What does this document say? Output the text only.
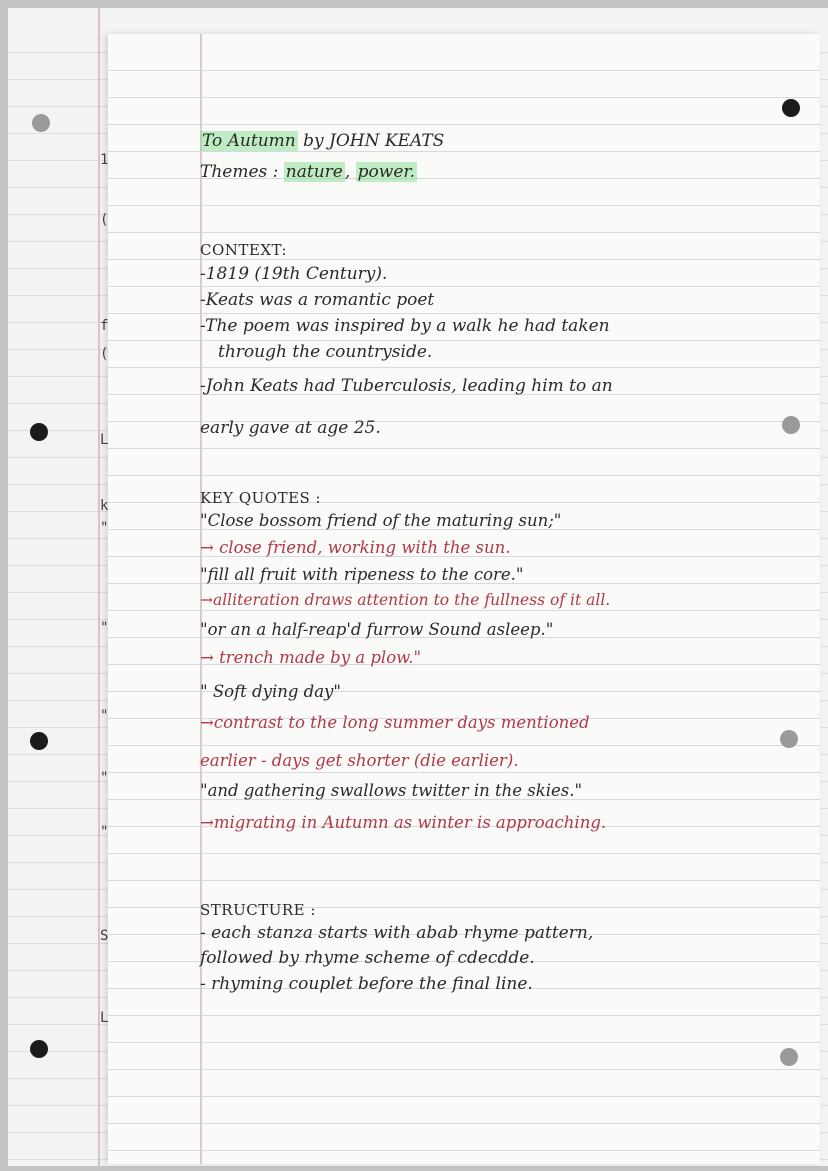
1
(
f
(
L
k
"
"
"
"
"
S
L
To Autumn by JOHN KEATS
Themes : nature , power.
CONTEXT:
-1819 (19th Century).
-Keats was a romantic poet
-The poem was inspired by a walk he had taken
through the countryside.
-John Keats had Tuberculosis, leading him to an
early gave at age 25.
KEY QUOTES :
"Close bossom friend of the maturing sun;"
→ close friend, working with the sun.
"fill all fruit with ripeness to the core."
→alliteration draws attention to the fullness of it all.
"or an a half-reap'd furrow Sound asleep."
→ trench made by a plow."
" Soft dying day"
→contrast to the long summer days mentioned
earlier - days get shorter (die earlier).
"and gathering swallows twitter in the skies."
→migrating in Autumn as winter is approaching.
STRUCTURE :
- each stanza starts with abab rhyme pattern,
followed by rhyme scheme of cdecdde.
- rhyming couplet before the final line.
